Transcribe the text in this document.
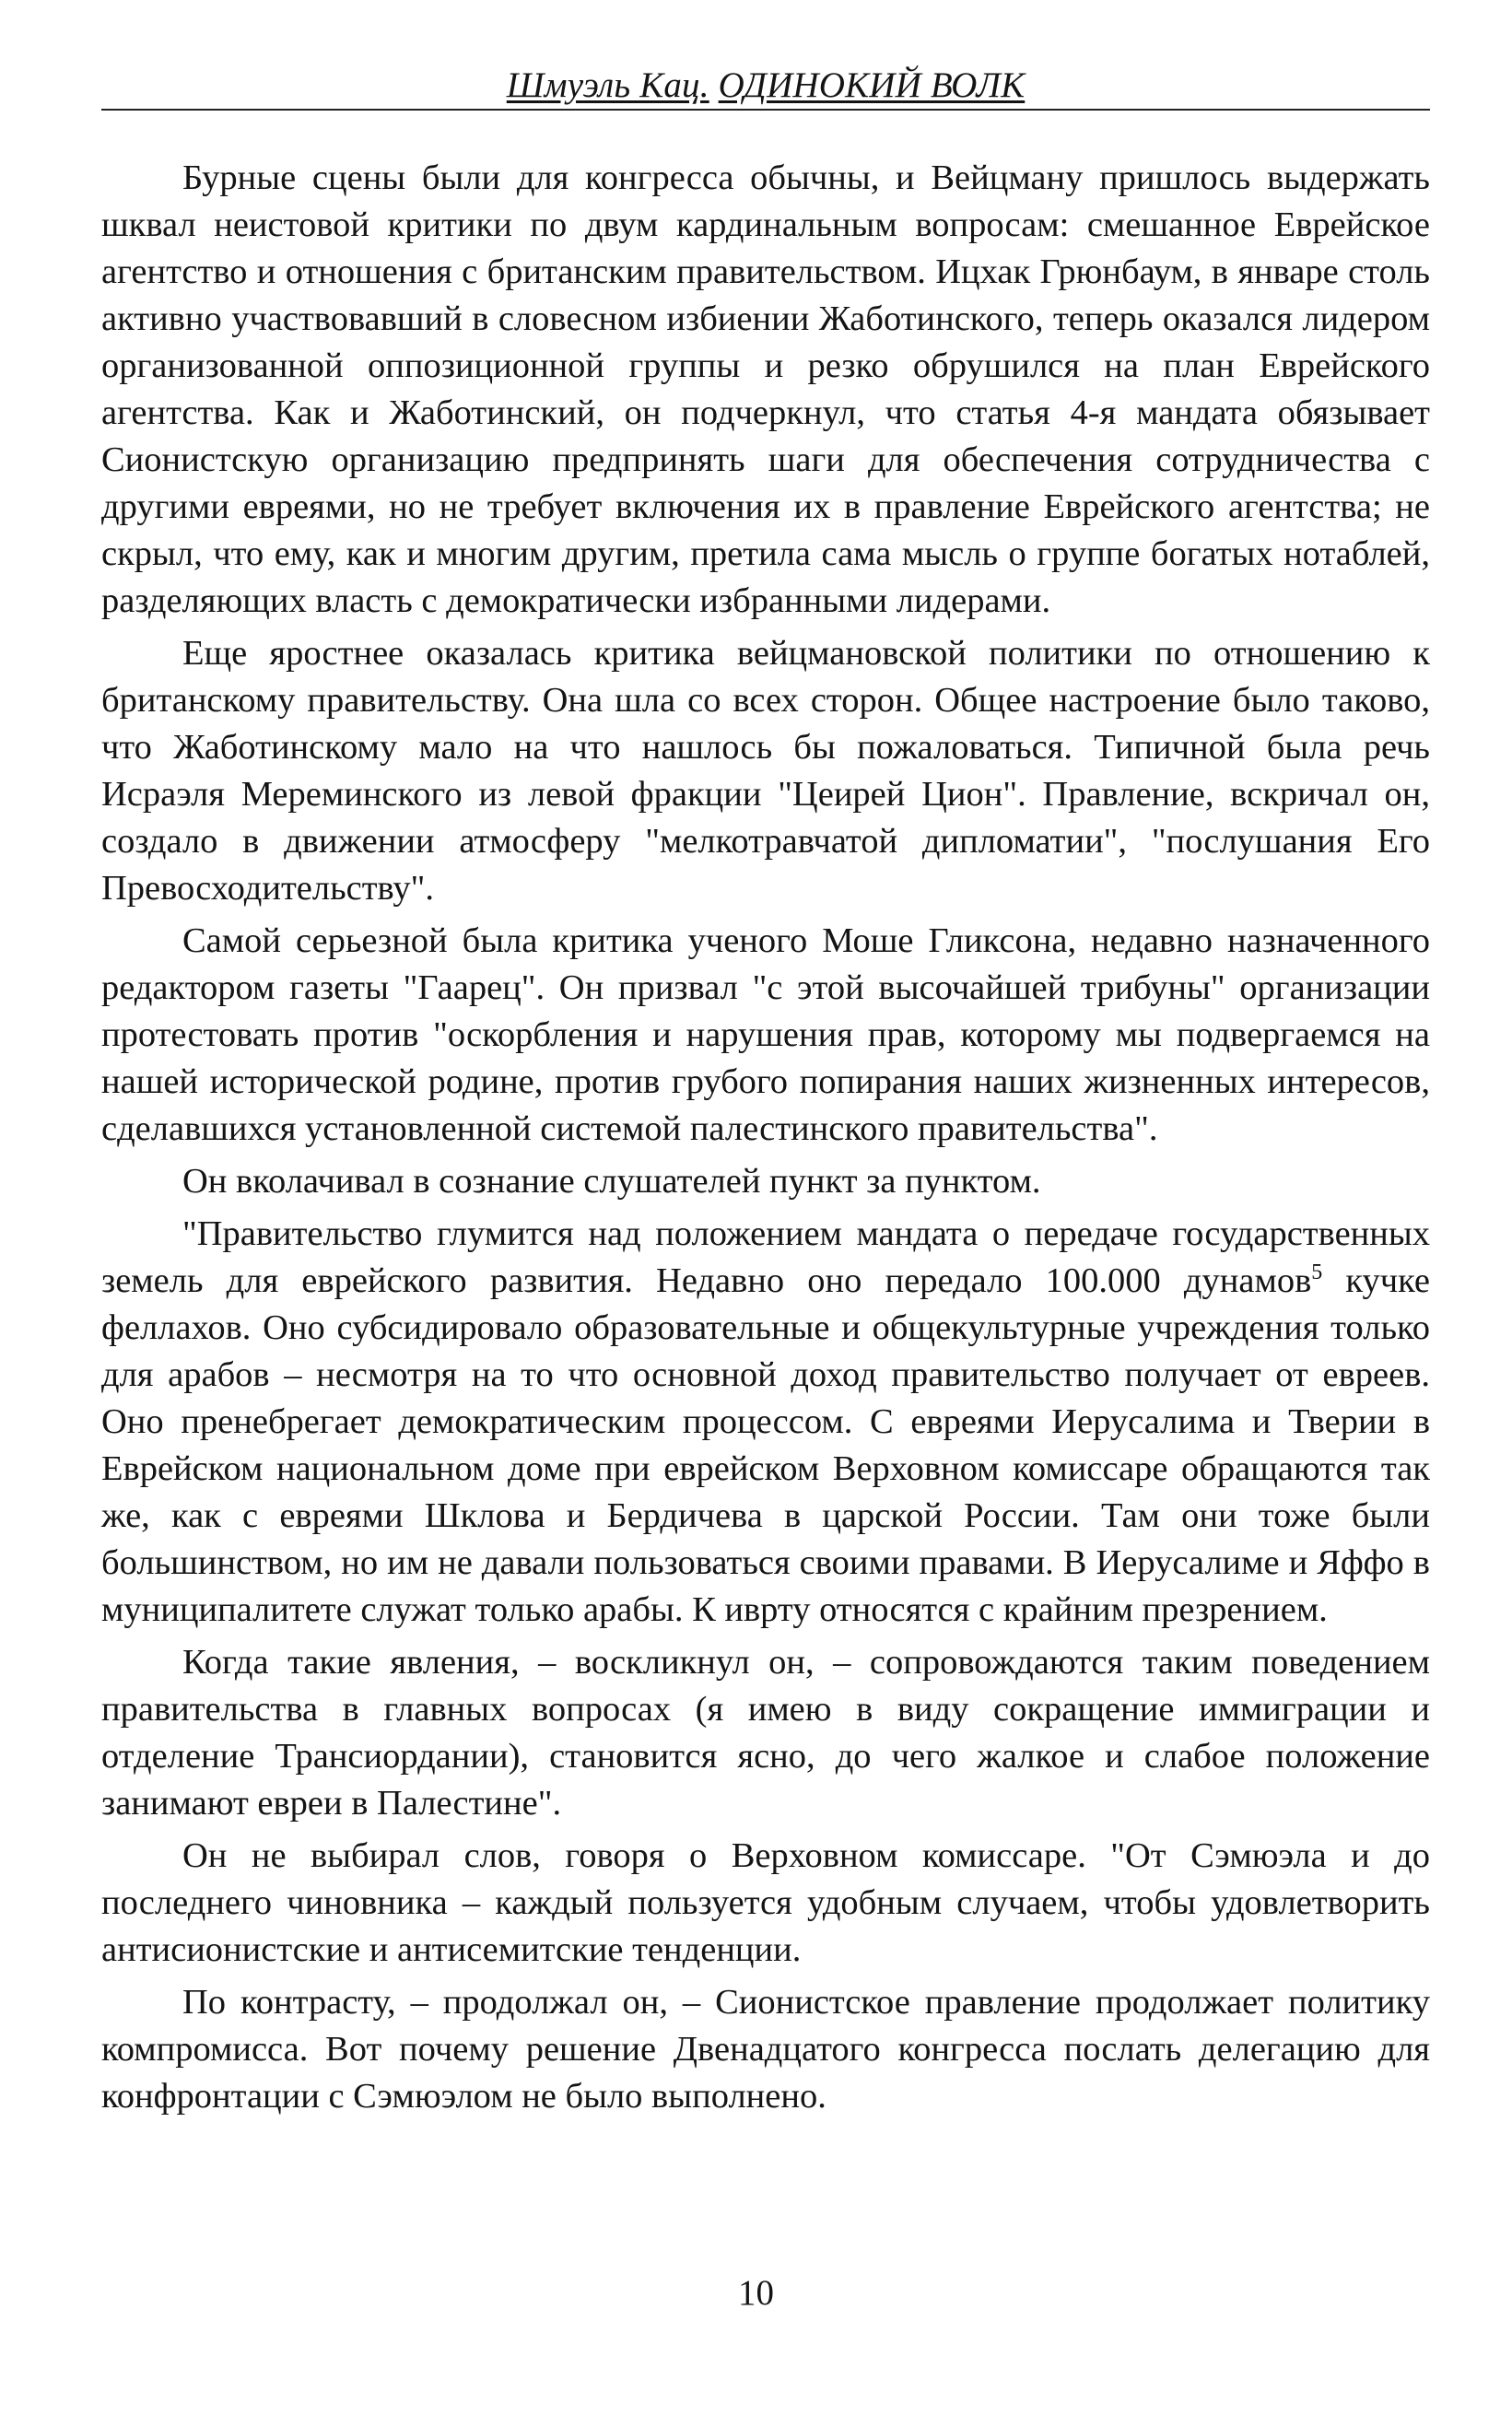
Шмуэль Кац. ОДИНОКИЙ ВОЛК

Бурные сцены были для конгресса обычны, и Вейцману пришлось выдержать шквал неистовой критики по двум кардинальным вопросам: смешанное Еврейское агентство и отношения с британским правительством. Ицхак Грюнбаум, в январе столь активно участвовавший в словесном избиении Жаботинского, теперь оказался лидером организованной оппозиционной группы и резко обрушился на план Еврейского агентства. Как и Жаботинский, он подчеркнул, что статья 4-я мандата обязывает Сионистскую организацию предпринять шаги для обеспечения сотрудничества с другими евреями, но не требует включения их в правление Еврейского агентства; не скрыл, что ему, как и многим другим, претила сама мысль о группе богатых нотаблей, разделяющих власть с демократически избранными лидерами.

Еще яростнее оказалась критика вейцмановской политики по отношению к британскому правительству. Она шла со всех сторон. Общее настроение было таково, что Жаботинскому мало на что нашлось бы пожаловаться. Типичной была речь Исраэля Мереминского из левой фракции "Цеирей Цион". Правление, вскричал он, создало в движении атмосферу "мелкотравчатой дипломатии", "послушания Его Превосходительству".

Самой серьезной была критика ученого Моше Гликсона, недавно назначенного редактором газеты "Гаарец". Он призвал "с этой высочайшей трибуны" организации протестовать против "оскорбления и нарушения прав, которому мы подвергаемся на нашей исторической родине, против грубого попирания наших жизненных интересов, сделавшихся установленной системой палестинского правительства".

Он вколачивал в сознание слушателей пункт за пунктом.

"Правительство глумится над положением мандата о передаче государственных земель для еврейского развития. Недавно оно передало 100.000 дунамов$^5$ кучке феллахов. Оно субсидировало образовательные и общекультурные учреждения только для арабов – несмотря на то что основной доход правительство получает от евреев. Оно пренебрегает демократическим процессом. С евреями Иерусалима и Тверии в Еврейском национальном доме при еврейском Верховном комиссаре обращаются так же, как с евреями Шклова и Бердичева в царской России. Там они тоже были большинством, но им не давали пользоваться своими правами. В Иерусалиме и Яффо в муниципалитете служат только арабы. К иврту относятся с крайним презрением.

Когда такие явления, – воскликнул он, – сопровождаются таким поведением правительства в главных вопросах (я имею в виду сокращение иммиграции и отделение Трансиордании), становится ясно, до чего жалкое и слабое положение занимают евреи в Палестине".

Он не выбирал слов, говоря о Верховном комиссаре. "От Сэмюэла и до последнего чиновника – каждый пользуется удобным случаем, чтобы удовлетворить антисионистские и антисемитские тенденции.

По контрасту, – продолжал он, – Сионистское правление продолжает политику компромисса. Вот почему решение Двенадцатого конгресса послать делегацию для конфронтации с Сэмюэлом не было выполнено.

10
